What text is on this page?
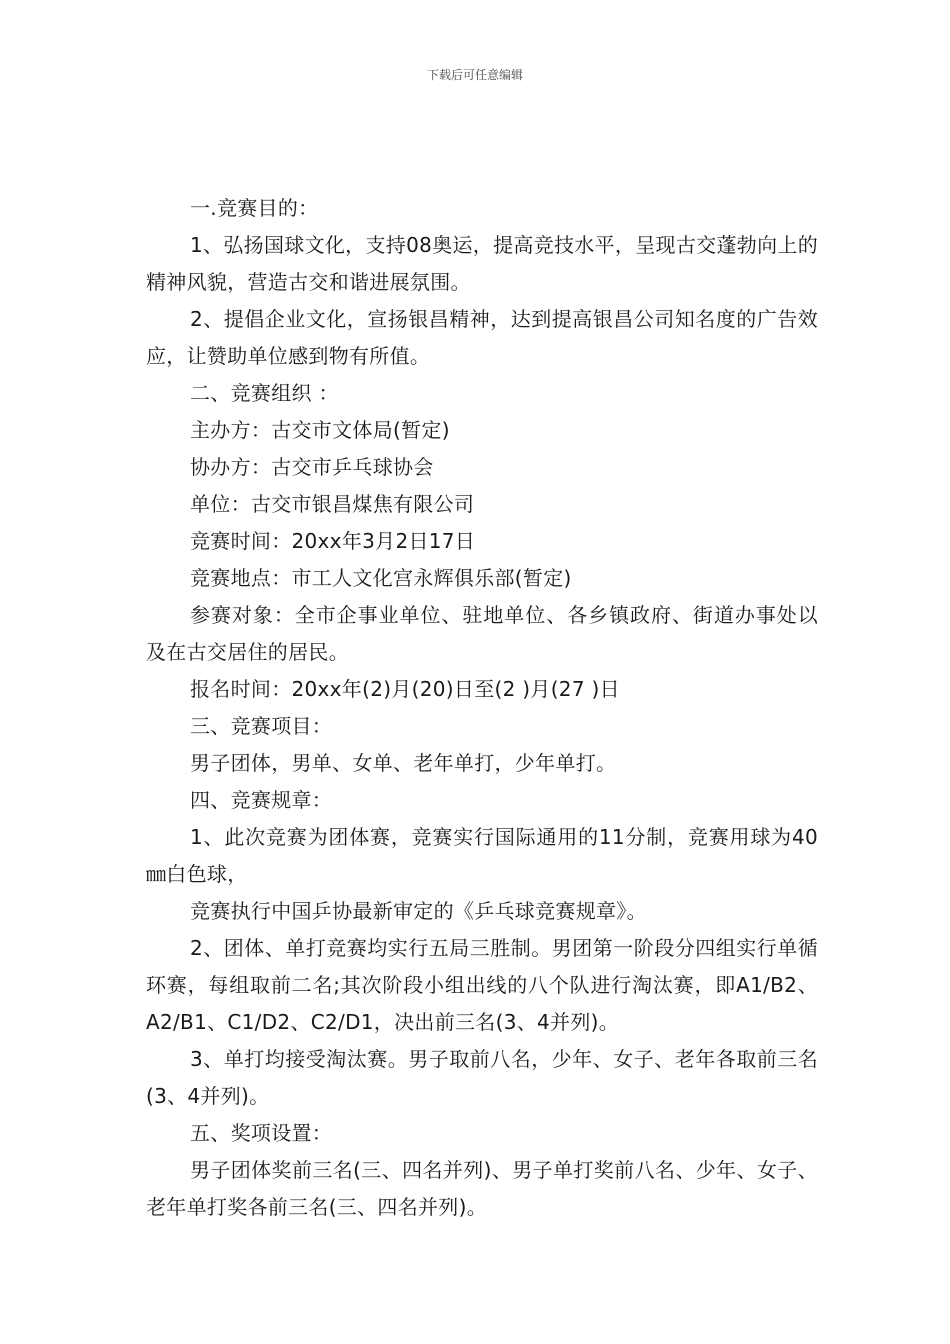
下载后可任意编辑

一.竞赛目的：

1、弘扬国球文化，支持08奥运，提高竞技水平，呈现古交蓬勃向上的精神风貌，营造古交和谐进展氛围。

2、提倡企业文化，宣扬银昌精神，达到提高银昌公司知名度的广告效应，让赞助单位感到物有所值。

二、竞赛组织 ：

主办方：古交市文体局(暂定)

协办方：古交市乒乓球协会

单位：古交市银昌煤焦有限公司

竞赛时间：20xx年3月2日17日

竞赛地点：市工人文化宫永辉俱乐部(暂定)

参赛对象：全市企事业单位、驻地单位、各乡镇政府、街道办事处以及在古交居住的居民。

报名时间：20xx年(2)月(20)日至(2 )月(27 )日

三、竞赛项目：

男子团体，男单、女单、老年单打，少年单打。

四、竞赛规章：

1、此次竞赛为团体赛，竞赛实行国际通用的11分制，竞赛用球为40㎜白色球，

竞赛执行中国乒协最新审定的《乒乓球竞赛规章》。

2、团体、单打竞赛均实行五局三胜制。男团第一阶段分四组实行单循环赛，每组取前二名;其次阶段小组出线的八个队进行淘汰赛，即A1/B2、A2/B1、C1/D2、C2/D1，决出前三名(3、4并列)。

3、单打均接受淘汰赛。男子取前八名，少年、女子、老年各取前三名(3、4并列)。

五、奖项设置：

男子团体奖前三名(三、四名并列)、男子单打奖前八名、少年、女子、老年单打奖各前三名(三、四名并列)。
